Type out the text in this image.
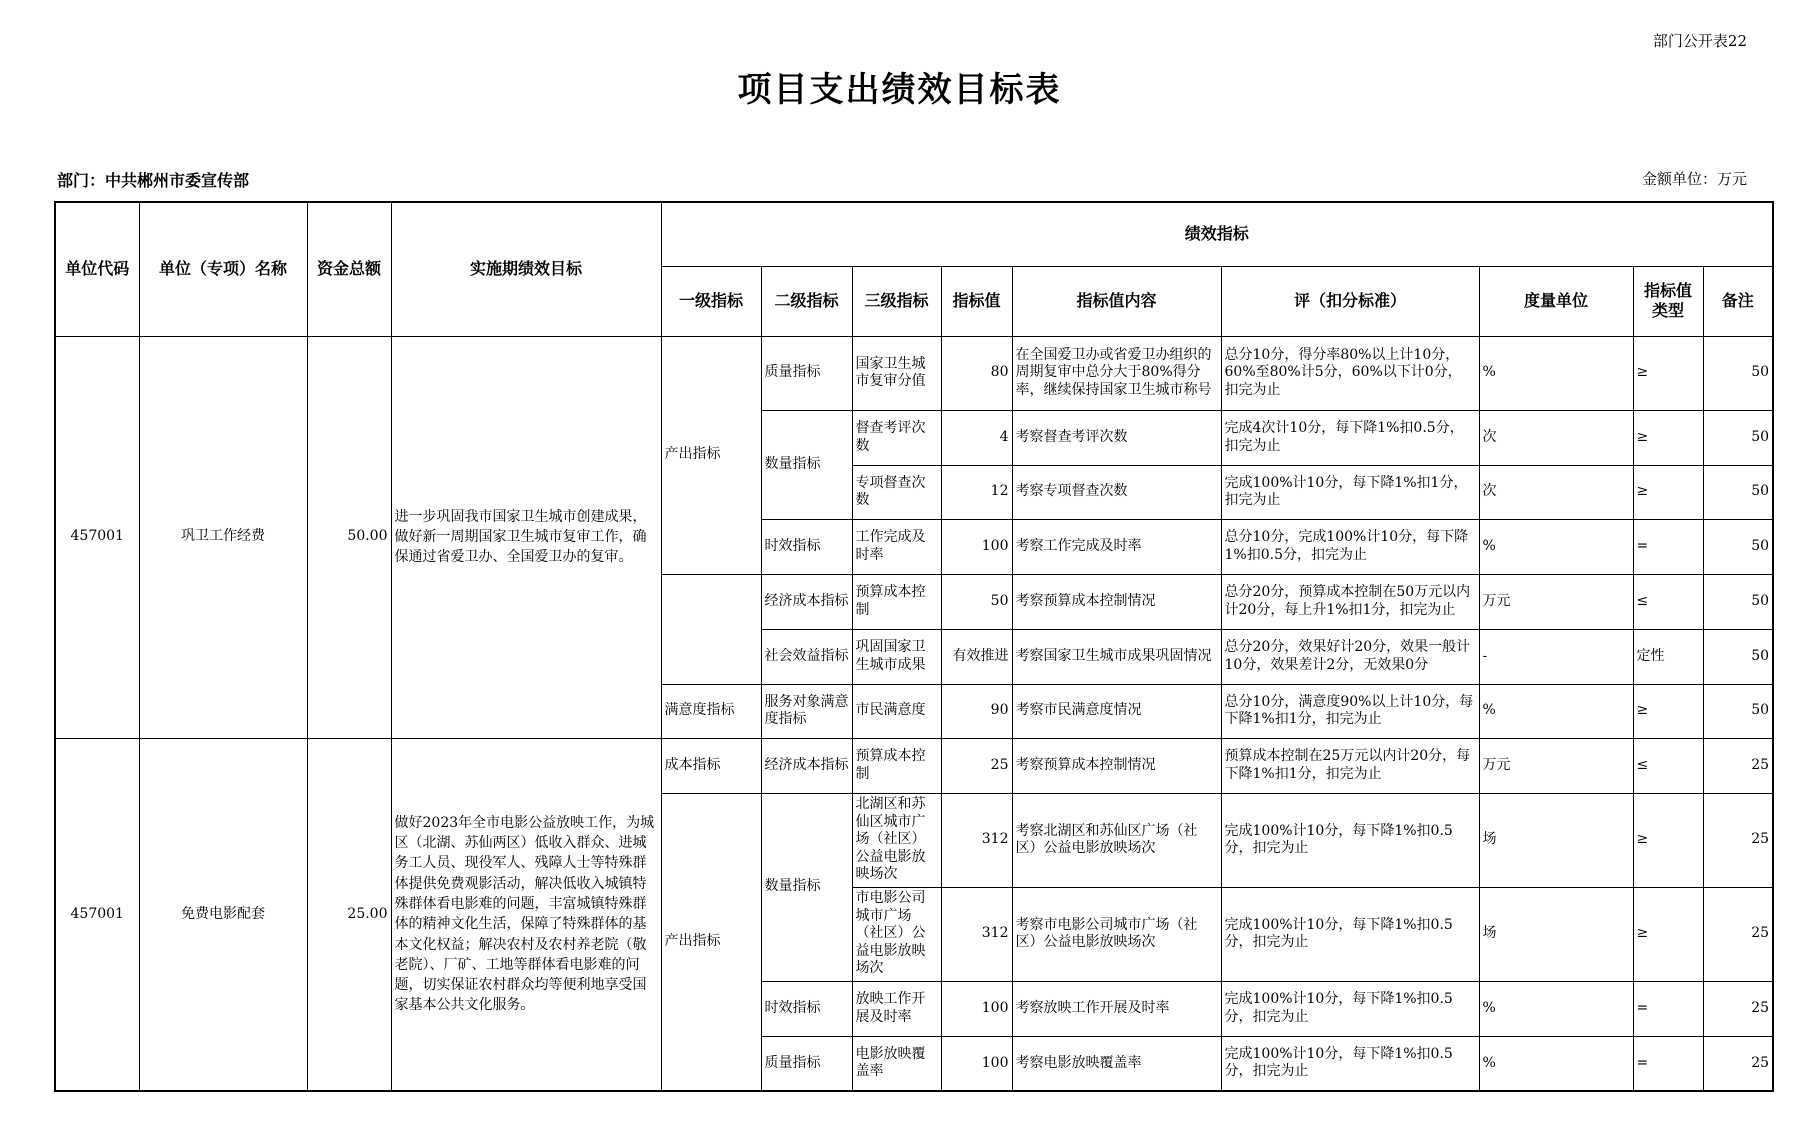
部门公开表22
项目支出绩效目标表
部门：中共郴州市委宣传部	金额单位：万元
单位代码	单位（专项）名称	资金总额	实施期绩效目标	绩效指标								
				一级指标	二级指标	三级指标	指标值	指标值内容	评（扣分标准）	度量单位	指标值类型	备注
457001	巩卫工作经费	50.00	进一步巩固我市国家卫生城市创建成果，做好新一周期国家卫生城市复审工作，确保通过省爱卫办、全国爱卫办的复审。	产出指标	质量指标	国家卫生城市复审分值	80	在全国爱卫办或省爱卫办组织的周期复审中总分大于80%得分率，继续保持国家卫生城市称号	总分10分，得分率80%以上计10分，60%至80%计5分，60%以下计0分，扣完为止	%	≥	50
					数量指标	督查考评次数	4	考察督查考评次数	完成4次计10分，每下降1%扣0.5分，扣完为止	次	≥	50
						专项督查次数	12	考察专项督查次数	完成100%计10分，每下降1%扣1分，扣完为止	次	≥	50
					时效指标	工作完成及时率	100	考察工作完成及时率	总分10分，完成100%计10分，每下降1%扣0.5分，扣完为止	%	=	50
					经济成本指标	预算成本控制	50	考察预算成本控制情况	总分20分，预算成本控制在50万元以内计20分，每上升1%扣1分，扣完为止	万元	≤	50
					社会效益指标	巩固国家卫生城市成果	有效推进	考察国家卫生城市成果巩固情况	总分20分，效果好计20分，效果一般计10分，效果差计2分，无效果0分	-	定性	50
				满意度指标	服务对象满意度指标	市民满意度	90	考察市民满意度情况	总分10分，满意度90%以上计10分，每下降1%扣1分，扣完为止	%	≥	50
457001	免费电影配套	25.00	做好2023年全市电影公益放映工作，为城区（北湖、苏仙两区）低收入群众、进城务工人员、现役军人、残障人士等特殊群体提供免费观影活动，解决低收入城镇特殊群体看电影难的问题，丰富城镇特殊群体的精神文化生活，保障了特殊群体的基本文化权益；解决农村及农村养老院（敬老院）、厂矿、工地等群体看电影难的问题，切实保证农村群众均等便利地享受国家基本公共文化服务。	成本指标	经济成本指标	预算成本控制	25	考察预算成本控制情况	预算成本控制在25万元以内计20分，每下降1%扣1分，扣完为止	万元	≤	25
				产出指标	数量指标	北湖区和苏仙区城市广场（社区）公益电影放映场次	312	考察北湖区和苏仙区广场（社区）公益电影放映场次	完成100%计10分，每下降1%扣0.5分，扣完为止	场	≥	25

						市电影公司城市广场（社区）公益电影放映场次	312	考察市电影公司城市广场（社区）公益电影放映场次	完成100%计10分，每下降1%扣0.5分，扣完为止	场	≥	25
					时效指标	放映工作开展及时率	100	考察放映工作开展及时率	完成100%计10分，每下降1%扣0.5分，扣完为止	%	=	25
					质量指标	电影放映覆盖率	100	考察电影放映覆盖率	完成100%计10分，每下降1%扣0.5分，扣完为止	%	=	25
